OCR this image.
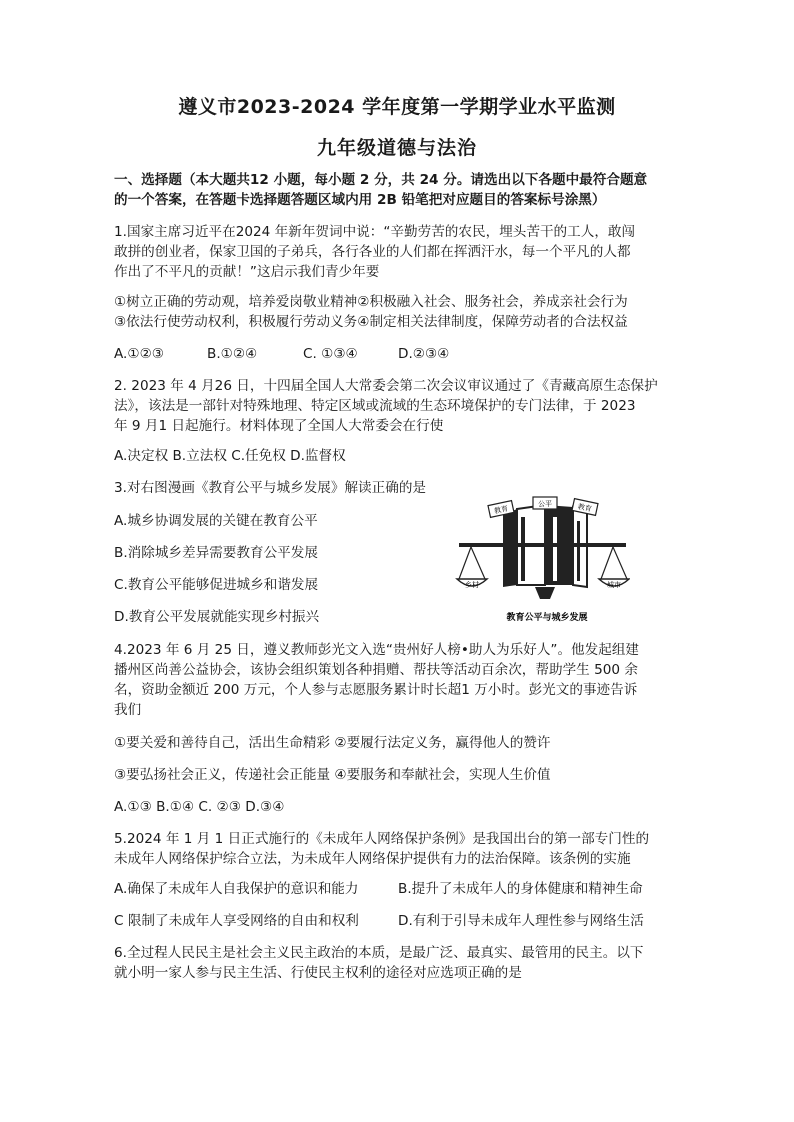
遵义市2023-2024 学年度第一学期学业水平监测
九年级道德与法治
一、选择题（本大题共12 小题，每小题 2 分，共 24 分。请选出以下各题中最符合题意
的一个答案，在答题卡选择题答题区域内用 2B 铅笔把对应题目的答案标号涂黑）
1.国家主席习近平在2024 年新年贺词中说：“辛勤劳苦的农民，埋头苦干的工人，敢闯
敢拼的创业者，保家卫国的子弟兵，各行各业的人们都在挥洒汗水，每一个平凡的人都
作出了不平凡的贡献！”这启示我们青少年要
①树立正确的劳动观，培养爱岗敬业精神②积极融入社会、服务社会，养成亲社会行为
③依法行使劳动权利，积极履行劳动义务④制定相关法律制度，保障劳动者的合法权益
A.①②③	B.①②④	C. ①③④	D.②③④
2. 2023 年 4 月26 日，十四届全国人大常委会第二次会议审议通过了《青藏高原生态保护
法》，该法是一部针对特殊地理、特定区域或流域的生态环境保护的专门法律，于 2023
年 9 月1 日起施行。材料体现了全国人大常委会在行使
A.决定权 B.立法权 C.任免权 D.监督权
3.对右图漫画《教育公平与城乡发展》解读正确的是
A.城乡协调发展的关键在教育公平
B.消除城乡差异需要教育公平发展
C.教育公平能够促进城乡和谐发展
D.教育公平发展就能实现乡村振兴
教育
公平	教育
乡村	城市
教育公平与城乡发展
4.2023 年 6 月 25 日，遵义教师彭光文入选“贵州好人榜•助人为乐好人”。他发起组建
播州区尚善公益协会，该协会组织策划各种捐赠、帮扶等活动百余次，帮助学生 500 余
名，资助金额近 200 万元，个人参与志愿服务累计时长超1 万小时。彭光文的事迹告诉
我们
①要关爱和善待自己，活出生命精彩 ②要履行法定义务，赢得他人的赞许
③要弘扬社会正义，传递社会正能量 ④要服务和奉献社会，实现人生价值
A.①③ B.①④ C. ②③ D.③④
5.2024 年 1 月 1 日正式施行的《未成年人网络保护条例》是我国出台的第一部专门性的
未成年人网络保护综合立法，为未成年人网络保护提供有力的法治保障。该条例的实施
A.确保了未成年人自我保护的意识和能力	B.提升了未成年人的身体健康和精神生命
C 限制了未成年人享受网络的自由和权利	D.有利于引导未成年人理性参与网络生活
6.全过程人民民主是社会主义民主政治的本质，是最广泛、最真实、最管用的民主。以下
就小明一家人参与民主生活、行使民主权利的途径对应选项正确的是
